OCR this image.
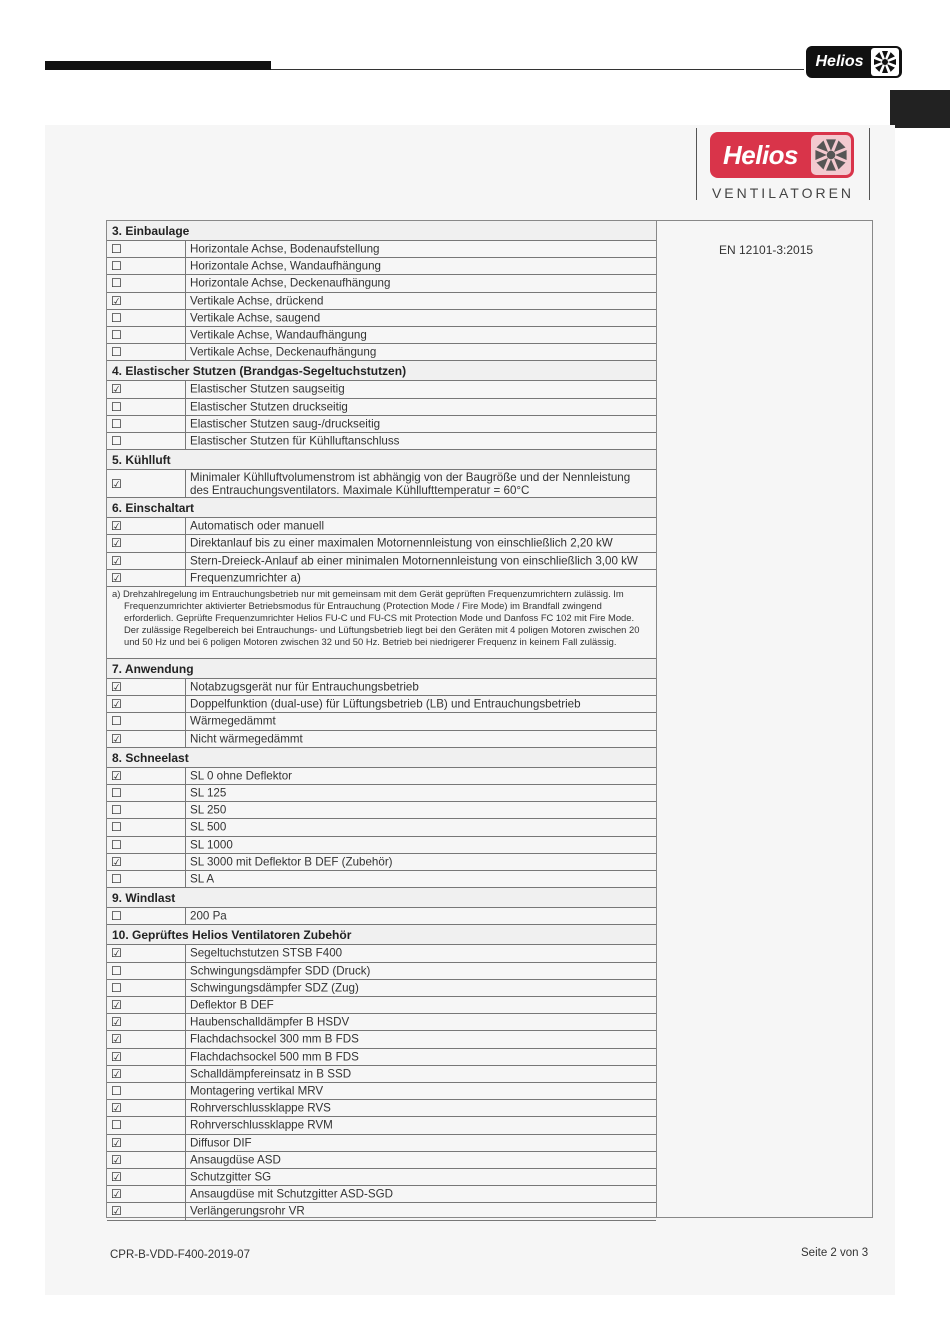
Helios
Helios
VENTILATOREN
EN 12101-3:2015
3. Einbaulage
☐	Horizontale Achse, Bodenaufstellung
☐	Horizontale Achse, Wandaufhängung
☐	Horizontale Achse, Deckenaufhängung
☑	Vertikale Achse, drückend
☐	Vertikale Achse, saugend
☐	Vertikale Achse, Wandaufhängung
☐	Vertikale Achse, Deckenaufhängung
4. Elastischer Stutzen (Brandgas-Segeltuchstutzen)
☑	Elastischer Stutzen saugseitig
☐	Elastischer Stutzen druckseitig
☐	Elastischer Stutzen saug-/druckseitig
☐	Elastischer Stutzen für Kühlluftanschluss
5. Kühlluft
☑	Minimaler Kühlluftvolumenstrom ist abhängig von der Baugröße und der Nennleistung
des Entrauchungsventilators. Maximale Kühllufttemperatur = 60°C
6. Einschaltart
☑	Automatisch oder manuell
☑	Direktanlauf bis zu einer maximalen Motornennleistung von einschließlich 2,20 kW
☑	Stern-Dreieck-Anlauf ab einer minimalen Motornennleistung von einschließlich 3,00 kW
☑	Frequenzumrichter a)
a) Drehzahlregelung im Entrauchungsbetrieb nur mit gemeinsam mit dem Gerät geprüften Frequenzumrichtern zulässig. Im Frequenzumrichter aktivierter Betriebsmodus für Entrauchung (Protection Mode / Fire Mode) im Brandfall zwingend erforderlich. Geprüfte Frequenzumrichter Helios FU-C und FU-CS mit Protection Mode und Danfoss FC 102 mit Fire Mode. Der zulässige Regelbereich bei Entrauchungs- und Lüftungsbetrieb liegt bei den Geräten mit 4 poligen Motoren zwischen 20 und 50 Hz und bei 6 poligen Motoren zwischen 32 und 50 Hz. Betrieb bei niedrigerer Frequenz in keinem Fall zulässig.
7. Anwendung
☑	Notabzugsgerät nur für Entrauchungsbetrieb
☑	Doppelfunktion (dual-use) für Lüftungsbetrieb (LB) und Entrauchungsbetrieb
☐	Wärmegedämmt
☑	Nicht wärmegedämmt
8. Schneelast
☑	SL 0 ohne Deflektor
☐	SL 125
☐	SL 250
☐	SL 500
☐	SL 1000
☑	SL 3000 mit Deflektor B DEF (Zubehör)
☐	SL A
9. Windlast
☐	200 Pa
10. Geprüftes Helios Ventilatoren Zubehör
☑	Segeltuchstutzen STSB F400
☐	Schwingungsdämpfer SDD (Druck)
☐	Schwingungsdämpfer SDZ (Zug)
☑	Deflektor B DEF
☑	Haubenschalldämpfer B HSDV
☑	Flachdachsockel 300 mm B FDS
☑	Flachdachsockel 500 mm B FDS
☑	Schalldämpfereinsatz in B SSD
☐	Montagering vertikal MRV
☑	Rohrverschlussklappe RVS
☐	Rohrverschlussklappe RVM
☑	Diffusor DIF
☑	Ansaugdüse ASD
☑	Schutzgitter SG
☑	Ansaugdüse mit Schutzgitter ASD-SGD
☑	Verlängerungsrohr VR
CPR-B-VDD-F400-2019-07	Seite 2 von 3
